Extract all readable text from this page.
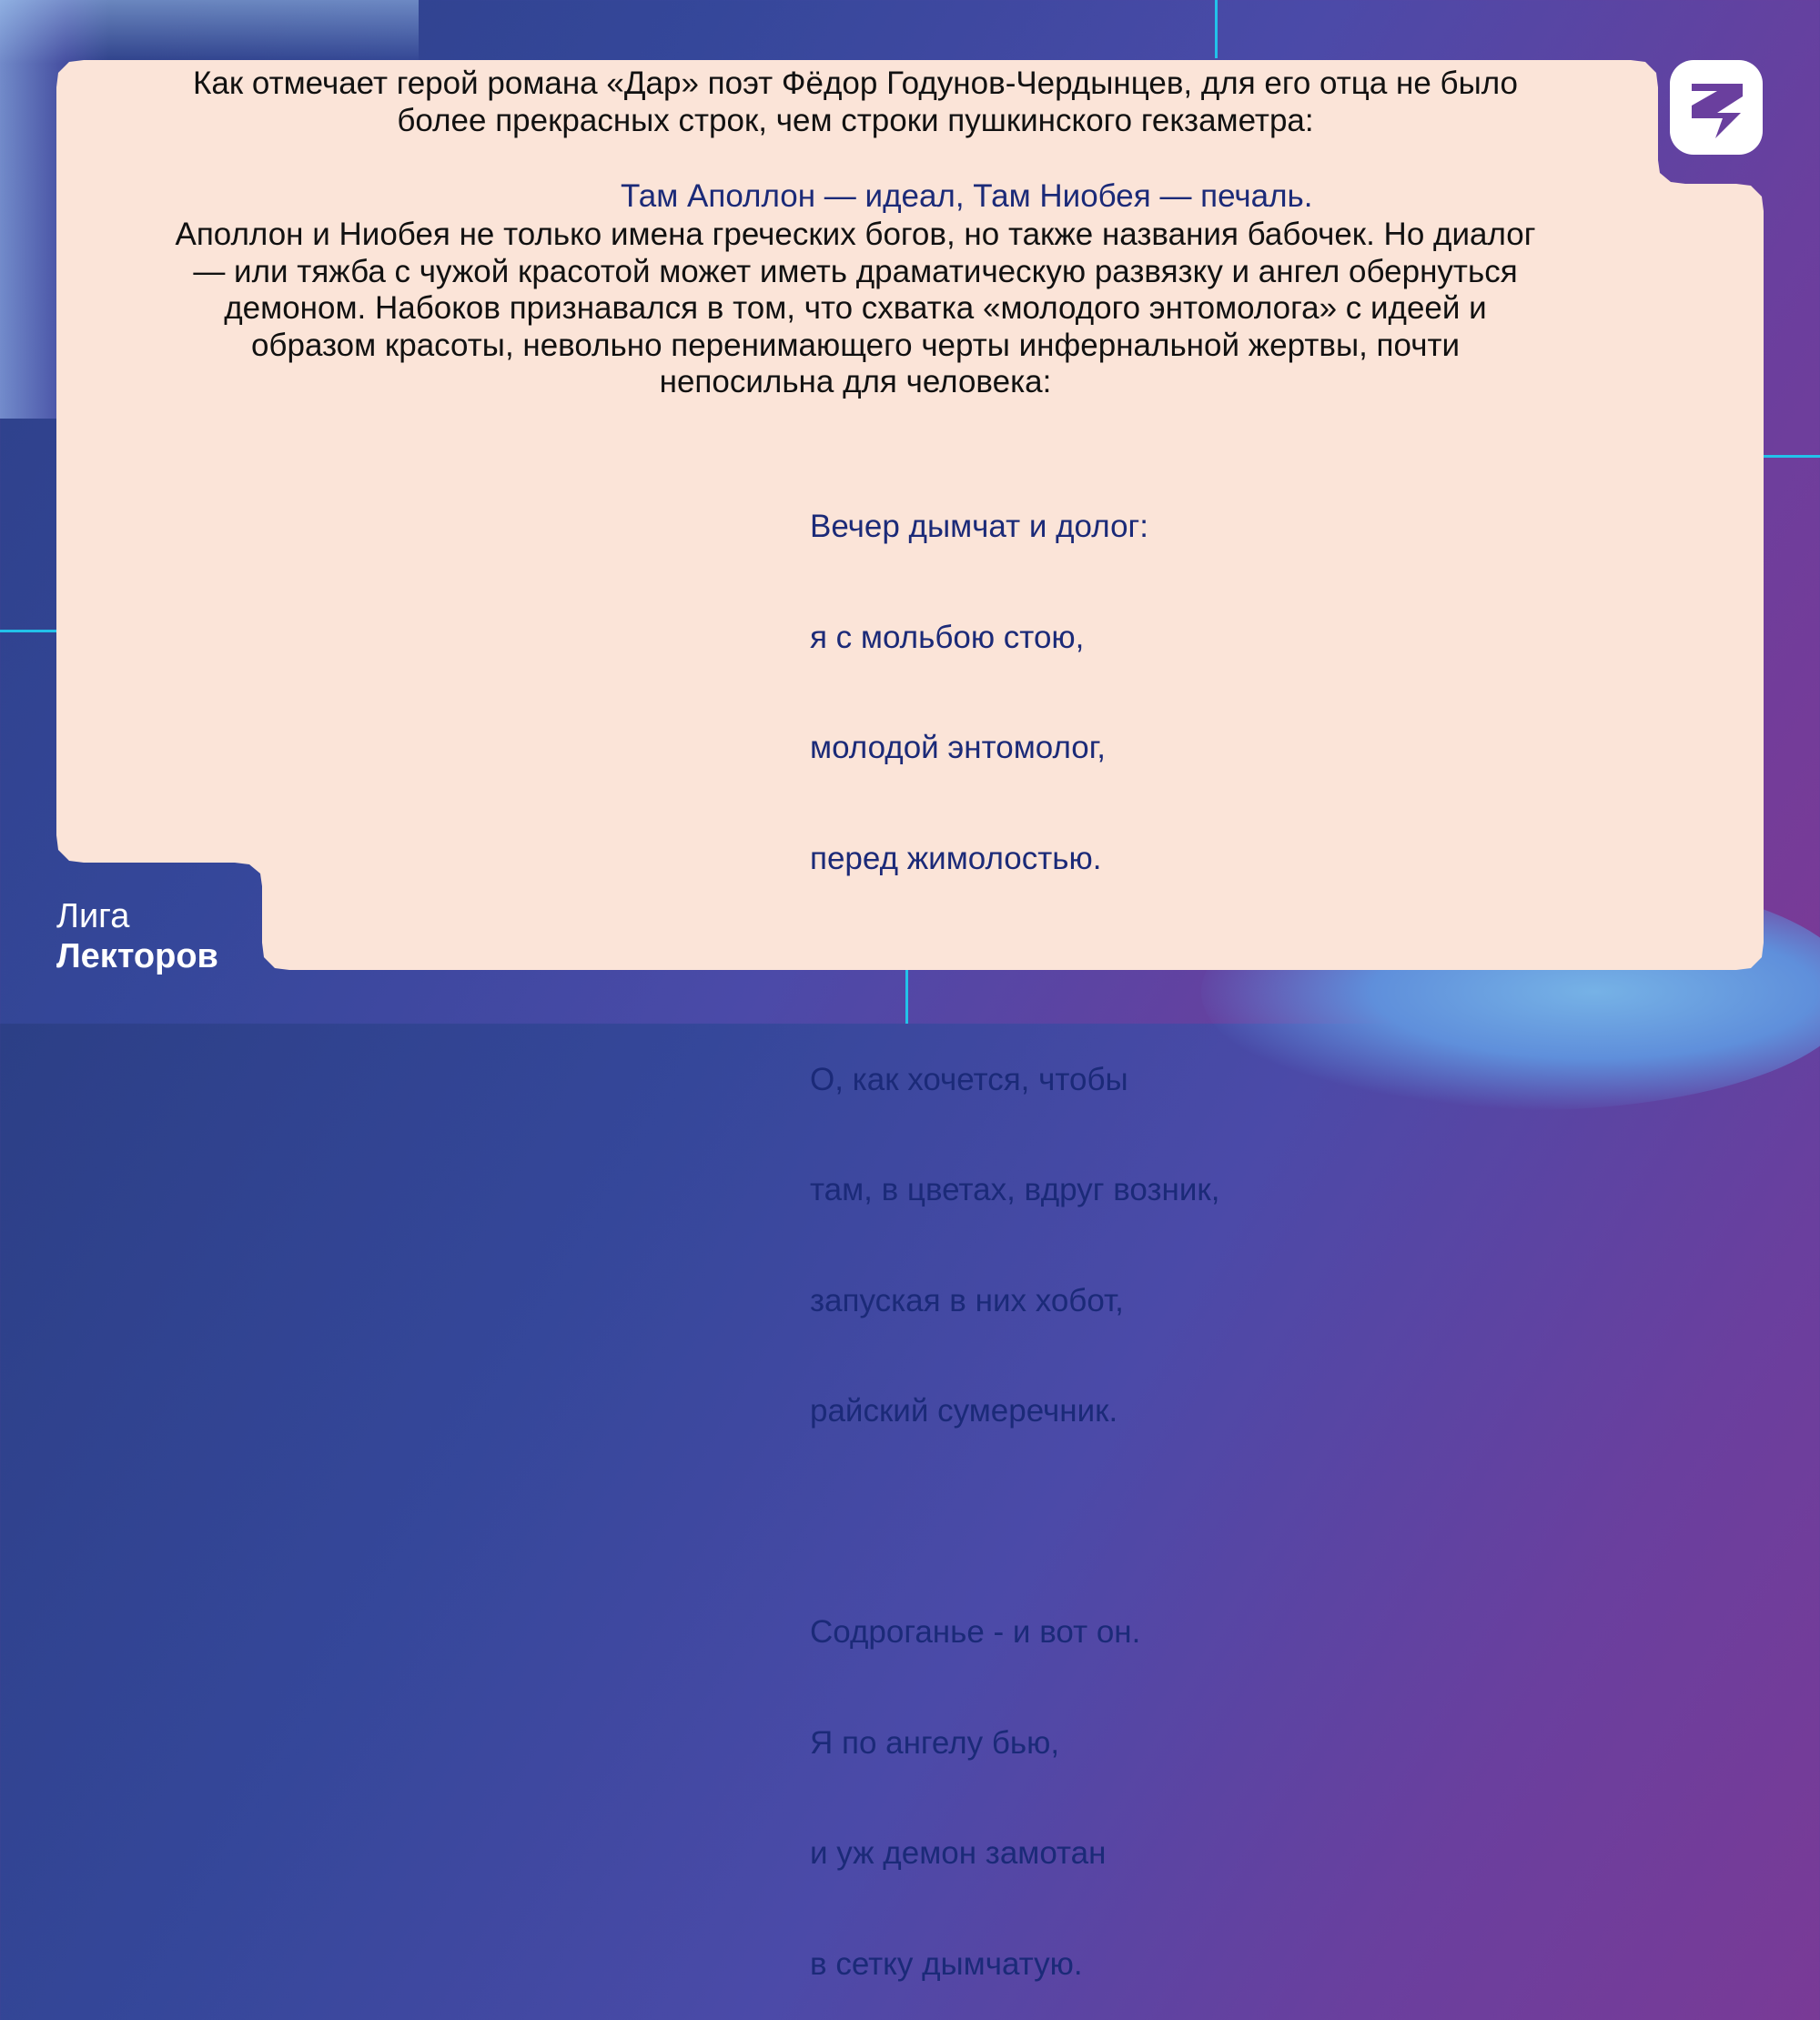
Как отмечает герой романа «Дар» поэт Фёдор Годунов-Чердынцев, для его отца не было

более прекрасных строк, чем строки пушкинского гекзаметра:

Там Аполлон — идеал, Там Ниобея — печаль.

Аполлон и Ниобея не только имена греческих богов, но также названия бабочек. Но диалог

— или тяжба с чужой красотой может иметь драматическую развязку и ангел обернуться

демоном. Набоков признавался в том, что схватка «молодого энтомолога» с идеей и

образом красоты, невольно перенимающего черты инфернальной жертвы, почти

непосильна для человека:

Вечер дымчат и долог:

я с мольбою стою,

молодой энтомолог,

перед жимолостью.

О, как хочется, чтобы

там, в цветах, вдруг возник,

запуская в них хобот,

райский сумеречник.

Содроганье - и вот он.

Я по ангелу бью,

и уж демон замотан

в сетку дымчатую.

Лига
Лекторов
